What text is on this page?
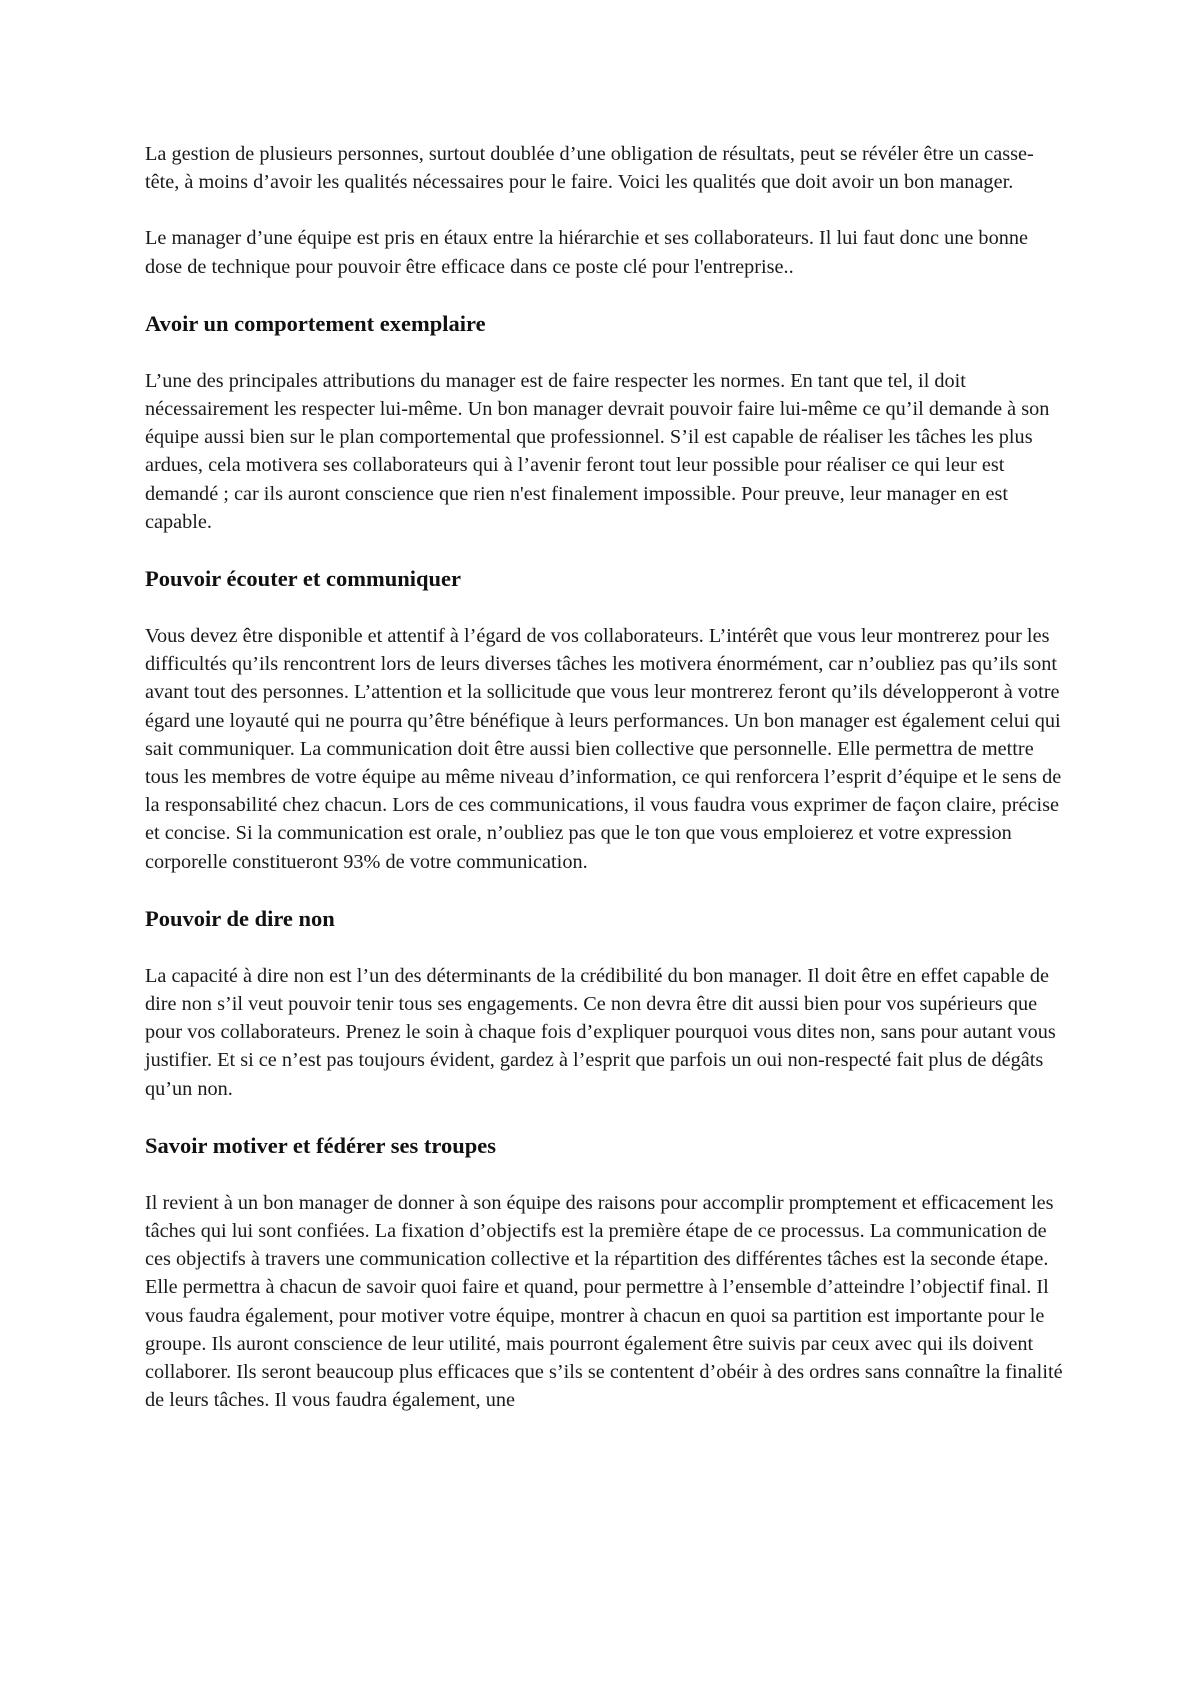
La gestion de plusieurs personnes, surtout doublée d’une obligation de résultats, peut se révéler être un casse-tête, à moins d’avoir les qualités nécessaires pour le faire. Voici les qualités que doit avoir un bon manager.

Le manager d’une équipe est pris en étaux entre la hiérarchie et ses collaborateurs. Il lui faut donc une bonne dose de technique pour pouvoir être efficace dans ce poste clé pour l'entreprise..

Avoir un comportement exemplaire

L’une des principales attributions du manager est de faire respecter les normes. En tant que tel, il doit nécessairement les respecter lui-même. Un bon manager devrait pouvoir faire lui-même ce qu’il demande à son équipe aussi bien sur le plan comportemental que professionnel. S’il est capable de réaliser les tâches les plus ardues, cela motivera ses collaborateurs qui à l’avenir feront tout leur possible pour réaliser ce qui leur est demandé ; car ils auront conscience que rien n'est finalement impossible. Pour preuve, leur manager en est capable.

Pouvoir écouter et communiquer

Vous devez être disponible et attentif à l’égard de vos collaborateurs. L’intérêt que vous leur montrerez pour les difficultés qu’ils rencontrent lors de leurs diverses tâches les motivera énormément, car n’oubliez pas qu’ils sont avant tout des personnes. L’attention et la sollicitude que vous leur montrerez feront qu’ils développeront à votre égard une loyauté qui ne pourra qu’être bénéfique à leurs performances. Un bon manager est également celui qui sait communiquer. La communication doit être aussi bien collective que personnelle. Elle permettra de mettre tous les membres de votre équipe au même niveau d’information, ce qui renforcera l’esprit d’équipe et le sens de la responsabilité chez chacun. Lors de ces communications, il vous faudra vous exprimer de façon claire, précise et concise. Si la communication est orale, n’oubliez pas que le ton que vous emploierez et votre expression corporelle constitueront 93% de votre communication.

Pouvoir de dire non

La capacité à dire non est l’un des déterminants de la crédibilité du bon manager. Il doit être en effet capable de dire non s’il veut pouvoir tenir tous ses engagements. Ce non devra être dit aussi bien pour vos supérieurs que pour vos collaborateurs. Prenez le soin à chaque fois d’expliquer pourquoi vous dites non, sans pour autant vous justifier. Et si ce n’est pas toujours évident, gardez à l’esprit que parfois un oui non-respecté fait plus de dégâts qu’un non.

Savoir motiver et fédérer ses troupes

Il revient à un bon manager de donner à son équipe des raisons pour accomplir promptement et efficacement les tâches qui lui sont confiées. La fixation d’objectifs est la première étape de ce processus. La communication de ces objectifs à travers une communication collective et la répartition des différentes tâches est la seconde étape. Elle permettra à chacun de savoir quoi faire et quand, pour permettre à l’ensemble d’atteindre l’objectif final. Il vous faudra également, pour motiver votre équipe, montrer à chacun en quoi sa partition est importante pour le groupe. Ils auront conscience de leur utilité, mais pourront également être suivis par ceux avec qui ils doivent collaborer. Ils seront beaucoup plus efficaces que s’ils se contentent d’obéir à des ordres sans connaître la finalité de leurs tâches. Il vous faudra également, une
